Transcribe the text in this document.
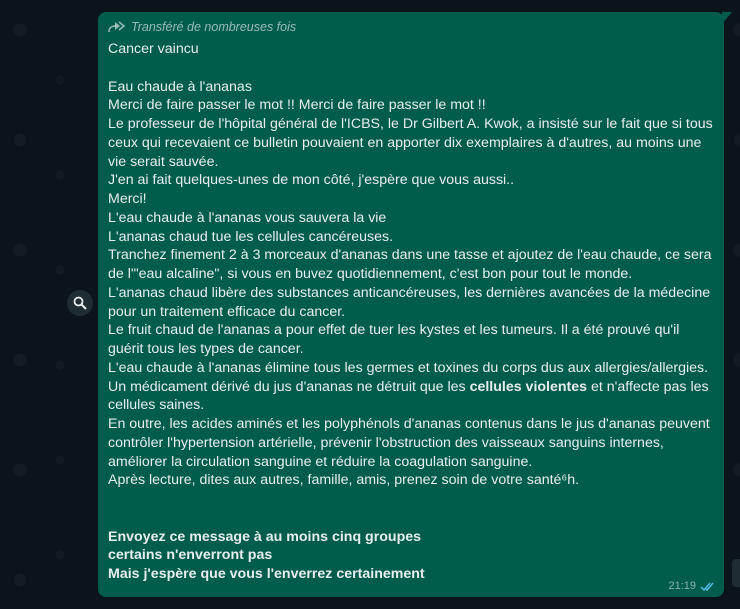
Transféré de nombreuses fois
Cancer vaincu

Eau chaude à l'ananas
Merci de faire passer le mot !! Merci de faire passer le mot !!
Le professeur de l'hôpital général de l'ICBS, le Dr Gilbert A. Kwok, a insisté sur le fait que si tous ceux qui recevaient ce bulletin pouvaient en apporter dix exemplaires à d'autres, au moins une vie serait sauvée.
J'en ai fait quelques-unes de mon côté, j'espère que vous aussi..
Merci!
L'eau chaude à l'ananas vous sauvera la vie
L'ananas chaud tue les cellules cancéreuses.
Tranchez finement 2 à 3 morceaux d'ananas dans une tasse et ajoutez de l'eau chaude, ce sera de l'"eau alcaline", si vous en buvez quotidiennement, c'est bon pour tout le monde.
L'ananas chaud libère des substances anticancéreuses, les dernières avancées de la médecine pour un traitement efficace du cancer.
Le fruit chaud de l'ananas a pour effet de tuer les kystes et les tumeurs. Il a été prouvé qu'il guérit tous les types de cancer.
L'eau chaude à l'ananas élimine tous les germes et toxines du corps dus aux allergies/allergies.
Un médicament dérivé du jus d'ananas ne détruit que les cellules violentes et n'affecte pas les cellules saines.
En outre, les acides aminés et les polyphénols d'ananas contenus dans le jus d'ananas peuvent contrôler l'hypertension artérielle, prévenir l'obstruction des vaisseaux sanguins internes, améliorer la circulation sanguine et réduire la coagulation sanguine.
Après lecture, dites aux autres, famille, amis, prenez soin de votre santé⁶h.

Envoyez ce message à au moins cinq groupes
certains n'enverront pas
Mais j'espère que vous l'enverrez certainement
21:19
